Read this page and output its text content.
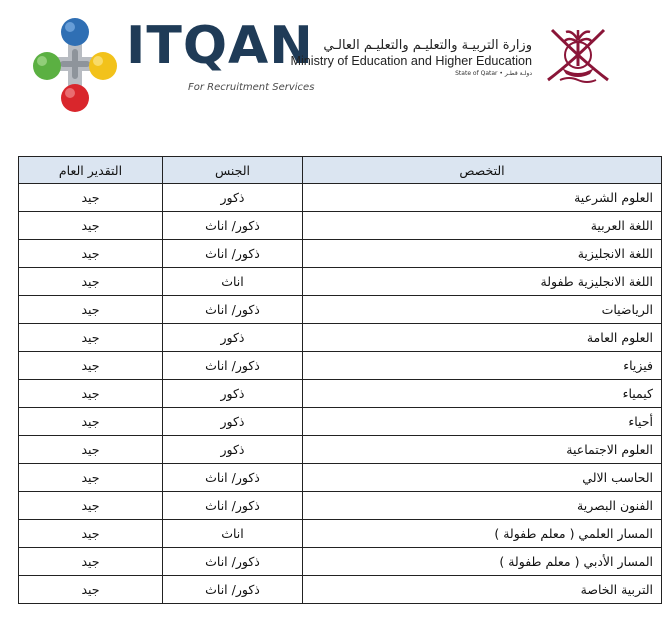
ITQAN
For Recruitment Services
وزارة التربيـة والتعليـم والتعليـم العالـي
Ministry of Education and Higher Education
State of Qatar • دولـة قطـر
التخصص	الجنس	التقدير العام
العلوم الشرعية	ذكور	جيد
اللغة العربية	ذكور/ اناث	جيد
اللغة الانجليزية	ذكور/ اناث	جيد
اللغة الانجليزية طفولة	اناث	جيد
الرياضيات	ذكور/ اناث	جيد
العلوم العامة	ذكور	جيد
فيزياء	ذكور/ اناث	جيد
كيمياء	ذكور	جيد
أحياء	ذكور	جيد
العلوم الاجتماعية	ذكور	جيد
الحاسب الالي	ذكور/ اناث	جيد
الفنون البصرية	ذكور/ اناث	جيد
المسار العلمي ( معلم طفولة )	اناث	جيد
المسار الأدبي ( معلم طفولة )	ذكور/ اناث	جيد
التربية الخاصة	ذكور/ اناث	جيد
